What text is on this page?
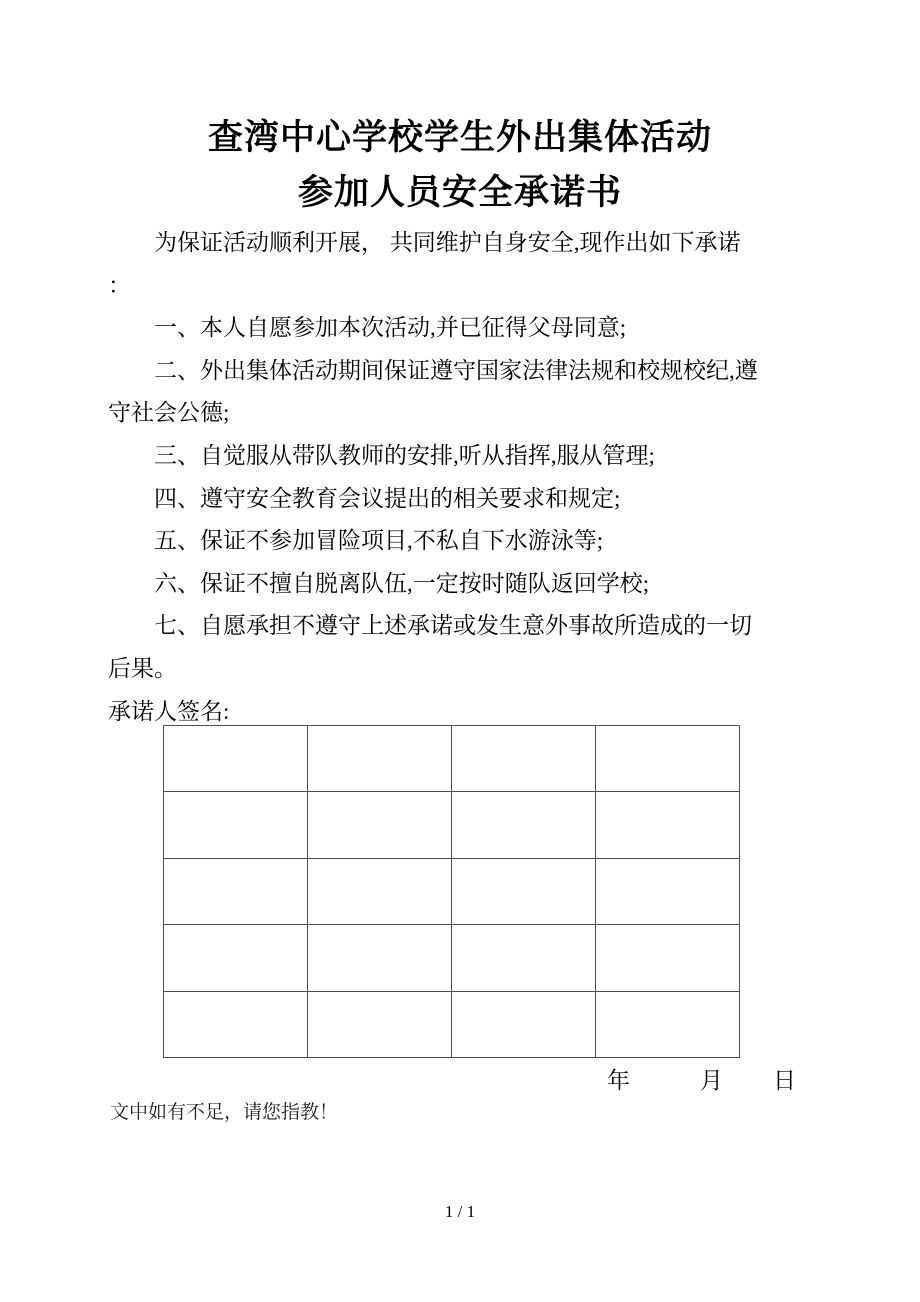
查湾中心学校学生外出集体活动
参加人员安全承诺书

为保证活动顺利开展， 共同维护自身安全,现作出如下承诺

：

一、本人自愿参加本次活动,并已征得父母同意;

二、外出集体活动期间保证遵守国家法律法规和校规校纪,遵守社会公德;

三、自觉服从带队教师的安排,听从指挥,服从管理;

四、遵守安全教育会议提出的相关要求和规定;

五、保证不参加冒险项目,不私自下水游泳等;

六、保证不擅自脱离队伍,一定按时随队返回学校;

七、自愿承担不遵守上述承诺或发生意外事故所造成的一切后果。

承诺人签名:

年	月 日
文中如有不足，请您指教！
1 / 1
